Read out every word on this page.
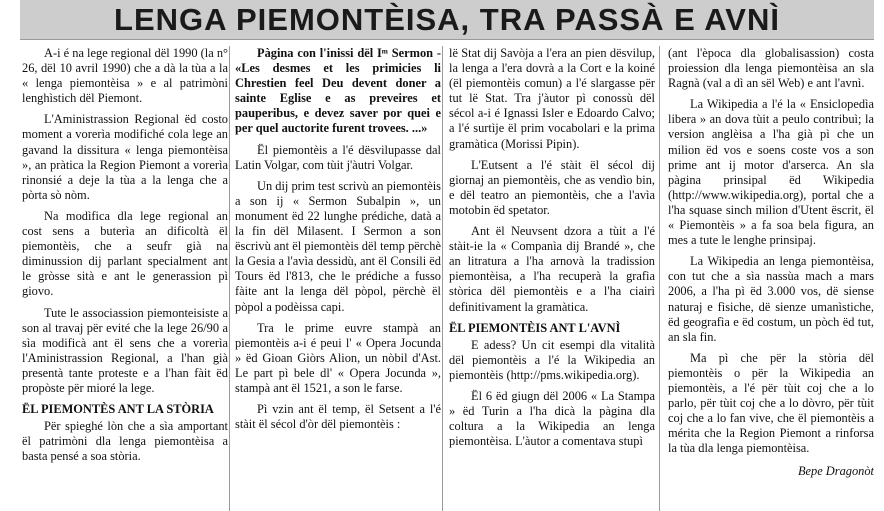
LENGA PIEMONTÈISA, TRA PASSÀ E AVNÌ

A-i é na lege regional dël 1990 (la n° 26, dël 10 avril 1990) che a dà la tùa a la « lenga piemontèisa » e al patrimòni lenghìstich dël Piemont.

L'Aministrassion Regional ëd costo moment a vorerìa modifiché cola lege an gavand la dissitura « lenga piemontèisa », an pràtica la Region Piemont a vorerìa rinonsié a deje la tùa a la lenga che a pòrta sò nòm.

Na modìfica dla lege regional an cost sens a buterìa an dificoltà ël piemontèis, che a seufr già na diminussion dij parlant specialment ant le gròsse sità e ant le generassion pì giovo.

Tute le associassion piemonteisiste a son al travaj për evité che la lege 26/90 a sìa modificà ant ël sens che a vorerìa l'Aministrassion Regional, a l'han già presentà tante proteste e a l'han fàit ëd propòste për mioré la lege.

ËL PIEMONTÈS ANT LA STÒRIA

Për spieghé lòn che a sìa amportant ël patrimòni dla lenga piemontèisa a basta pensé a soa stòria.

Pàgina con l'inissi dël Iᵐ Sermon - «Les desmes et les primicies li Chrestien feel Deu devent doner a sainte Eglise e as preveires et pauperibus, e devez saver por quei e per quel auctorite furent trovees. ...»

Ël piemontèis a l'é dësvilupasse dal Latin Volgar, com tùit j'àutri Volgar.

Un dij prim test scrivù an piemontèis a son ij « Sermon Subalpin », un monument ëd 22 lunghe prédiche, datà a la fin dël Milasent. I Sermon a son ëscrivù ant ël piemontèis dël temp përchè la Gesia a l'avìa dessidù, ant ël Consili ëd Tours ëd l'813, che le prédiche a fusso fàite ant la lenga dël pòpol, përchè ël pòpol a podèissa capi.

Tra le prime euvre stampà an piemontèis a-i é peui l' « Opera Jocunda » ëd Gioan Giòrs Alion, un nòbil d'Ast. Le part pì bele dl' « Opera Jocunda », stampà ant ël 1521, a son le farse.

Pì vzin ant ël temp, ël Setsent a l'é stàit ël sécol d'òr dël piemontèis :

lë Stat dij Savòja a l'era an pien dësvilup, la lenga a l'era dovrà a la Cort e la koiné (ël piemontèis comun) a l'é slargasse për tut lë Stat. Tra j'àutor pì conossù dël sécol a-i é Ignassi Isler e Edoardo Calvo; a l'é surtìje ël prim vocabolari e la prima gramàtica (Morissi Pipin).

L'Eutsent a l'é stàit ël sécol dij giornaj an piemontèis, che as vendìo bin, e dël teatro an piemontèis, che a l'avìa motobin ëd spetator.

Ant ël Neuvsent dzora a tùit a l'é stàit-ie la « Companìa dij Brandé », che an litratura a l'ha arnovà la tradission piemontèisa, a l'ha recuperà la grafìa stòrica dël piemontèis e a l'ha ciairì definitivament la gramàtica.

ËL PIEMONTÈIS ANT L'AVNÌ

E adess? Un cit esempi dla vitalità dël piemontèis a l'é la Wikipedia an piemontèis (http://pms.wikipedia.org).

Ël 6 ëd giugn dël 2006 « La Stampa » ëd Turin a l'ha dicà la pàgina dla coltura a la Wikipedia an lenga piemontèisa. L'àutor a comentava stupì

(ant l'època dla globalisassion) costa proiession dla lenga piemontèisa an sla Ragnà (val a dì an sël Web) e ant l'avnì.

La Wikipedia a l'é la « Ensiclopedìa libera » an dova tùit a peulo contribuì; la version anglèisa a l'ha già pì che un milion ëd vos e soens coste vos a son prime ant ij motor d'arserca. An sla pàgina prinsipal ëd Wikipedia (http://www.wikipedia.org), portal che a l'ha squase sinch milion d'Utent ëscrit, ël « Piemontèis » a fa soa bela figura, an mes a tute le lenghe prinsipaj.

La Wikipedia an lenga piemontèisa, con tut che a sìa nassùa mach a mars 2006, a l'ha pì ëd 3.000 vos, dë siense naturaj e fìsiche, dë sienze umanìstiche, ëd geografìa e ëd costum, un pòch ëd tut, an sla fin.

Ma pì che për la stòria dël piemontèis o për la Wikipedia an piemontèis, a l'é për tùit coj che a lo parlo, për tùit coj che a lo dòvro, për tùit coj che a lo fan vive, che ël piemontèis a mérita che la Region Piemont a rinforsa la tùa dla lenga piemontèisa.

Bepe Dragonòt
